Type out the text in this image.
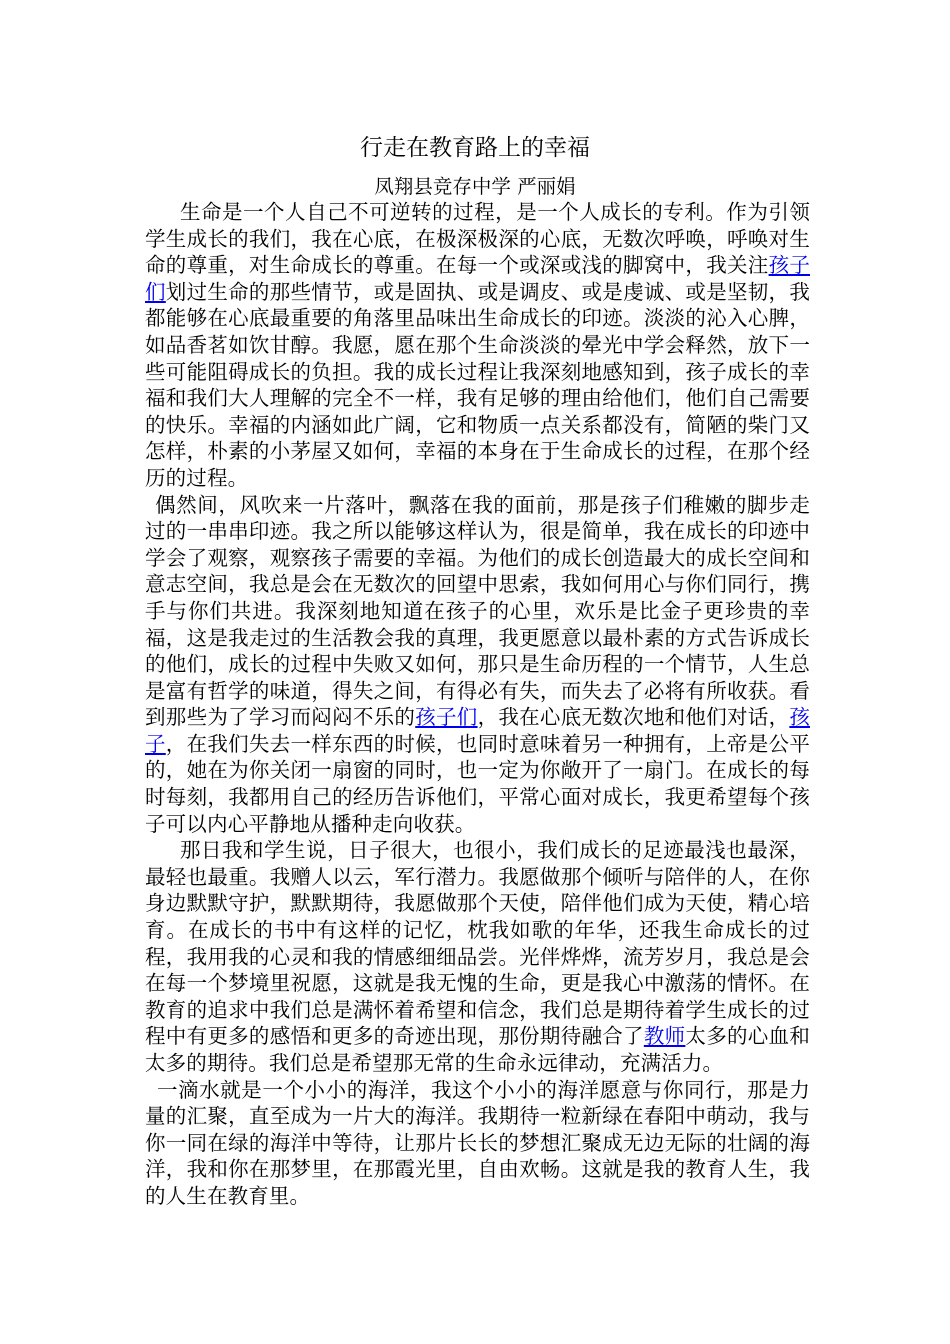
行走在教育路上的幸福
凤翔县竞存中学 严丽娟

生命是一个人自己不可逆转的过程，是一个人成长的专利。作为引领学生成长的我们，我在心底，在极深极深的心底，无数次呼唤，呼唤对生命的尊重，对生命成长的尊重。在每一个或深或浅的脚窝中，我关注孩子们划过生命的那些情节，或是固执、或是调皮、或是虔诚、或是坚韧，我都能够在心底最重要的角落里品味出生命成长的印迹。淡淡的沁入心脾，如品香茗如饮甘醇。我愿，愿在那个生命淡淡的晕光中学会释然，放下一些可能阻碍成长的负担。我的成长过程让我深刻地感知到，孩子成长的幸福和我们大人理解的完全不一样，我有足够的理由给他们，他们自己需要的快乐。幸福的内涵如此广阔，它和物质一点关系都没有，简陋的柴门又怎样，朴素的小茅屋又如何，幸福的本身在于生命成长的过程，在那个经历的过程。

偶然间，风吹来一片落叶，飘落在我的面前，那是孩子们稚嫩的脚步走过的一串串印迹。我之所以能够这样认为，很是简单，我在成长的印迹中学会了观察，观察孩子需要的幸福。为他们的成长创造最大的成长空间和意志空间，我总是会在无数次的回望中思索，我如何用心与你们同行，携手与你们共进。我深刻地知道在孩子的心里，欢乐是比金子更珍贵的幸福，这是我走过的生活教会我的真理，我更愿意以最朴素的方式告诉成长的他们，成长的过程中失败又如何，那只是生命历程的一个情节，人生总是富有哲学的味道，得失之间，有得必有失，而失去了必将有所收获。看到那些为了学习而闷闷不乐的孩子们，我在心底无数次地和他们对话，孩子，在我们失去一样东西的时候，也同时意味着另一种拥有，上帝是公平的，她在为你关闭一扇窗的同时，也一定为你敞开了一扇门。在成长的每时每刻，我都用自己的经历告诉他们，平常心面对成长，我更希望每个孩子可以内心平静地从播种走向收获。

那日我和学生说，日子很大，也很小，我们成长的足迹最浅也最深，最轻也最重。我赠人以云，军行潜力。我愿做那个倾听与陪伴的人，在你身边默默守护，默默期待，我愿做那个天使，陪伴他们成为天使，精心培育。在成长的书中有这样的记忆，枕我如歌的年华，还我生命成长的过程，我用我的心灵和我的情感细细品尝。光伴烨烨，流芳岁月，我总是会在每一个梦境里祝愿，这就是我无愧的生命，更是我心中激荡的情怀。在教育的追求中我们总是满怀着希望和信念，我们总是期待着学生成长的过程中有更多的感悟和更多的奇迹出现，那份期待融合了教师太多的心血和太多的期待。我们总是希望那无常的生命永远律动，充满活力。

一滴水就是一个小小的海洋，我这个小小的海洋愿意与你同行，那是力量的汇聚，直至成为一片大的海洋。我期待一粒新绿在春阳中萌动，我与你一同在绿的海洋中等待，让那片长长的梦想汇聚成无边无际的壮阔的海洋，我和你在那梦里，在那霞光里，自由欢畅。这就是我的教育人生，我的人生在教育里。
